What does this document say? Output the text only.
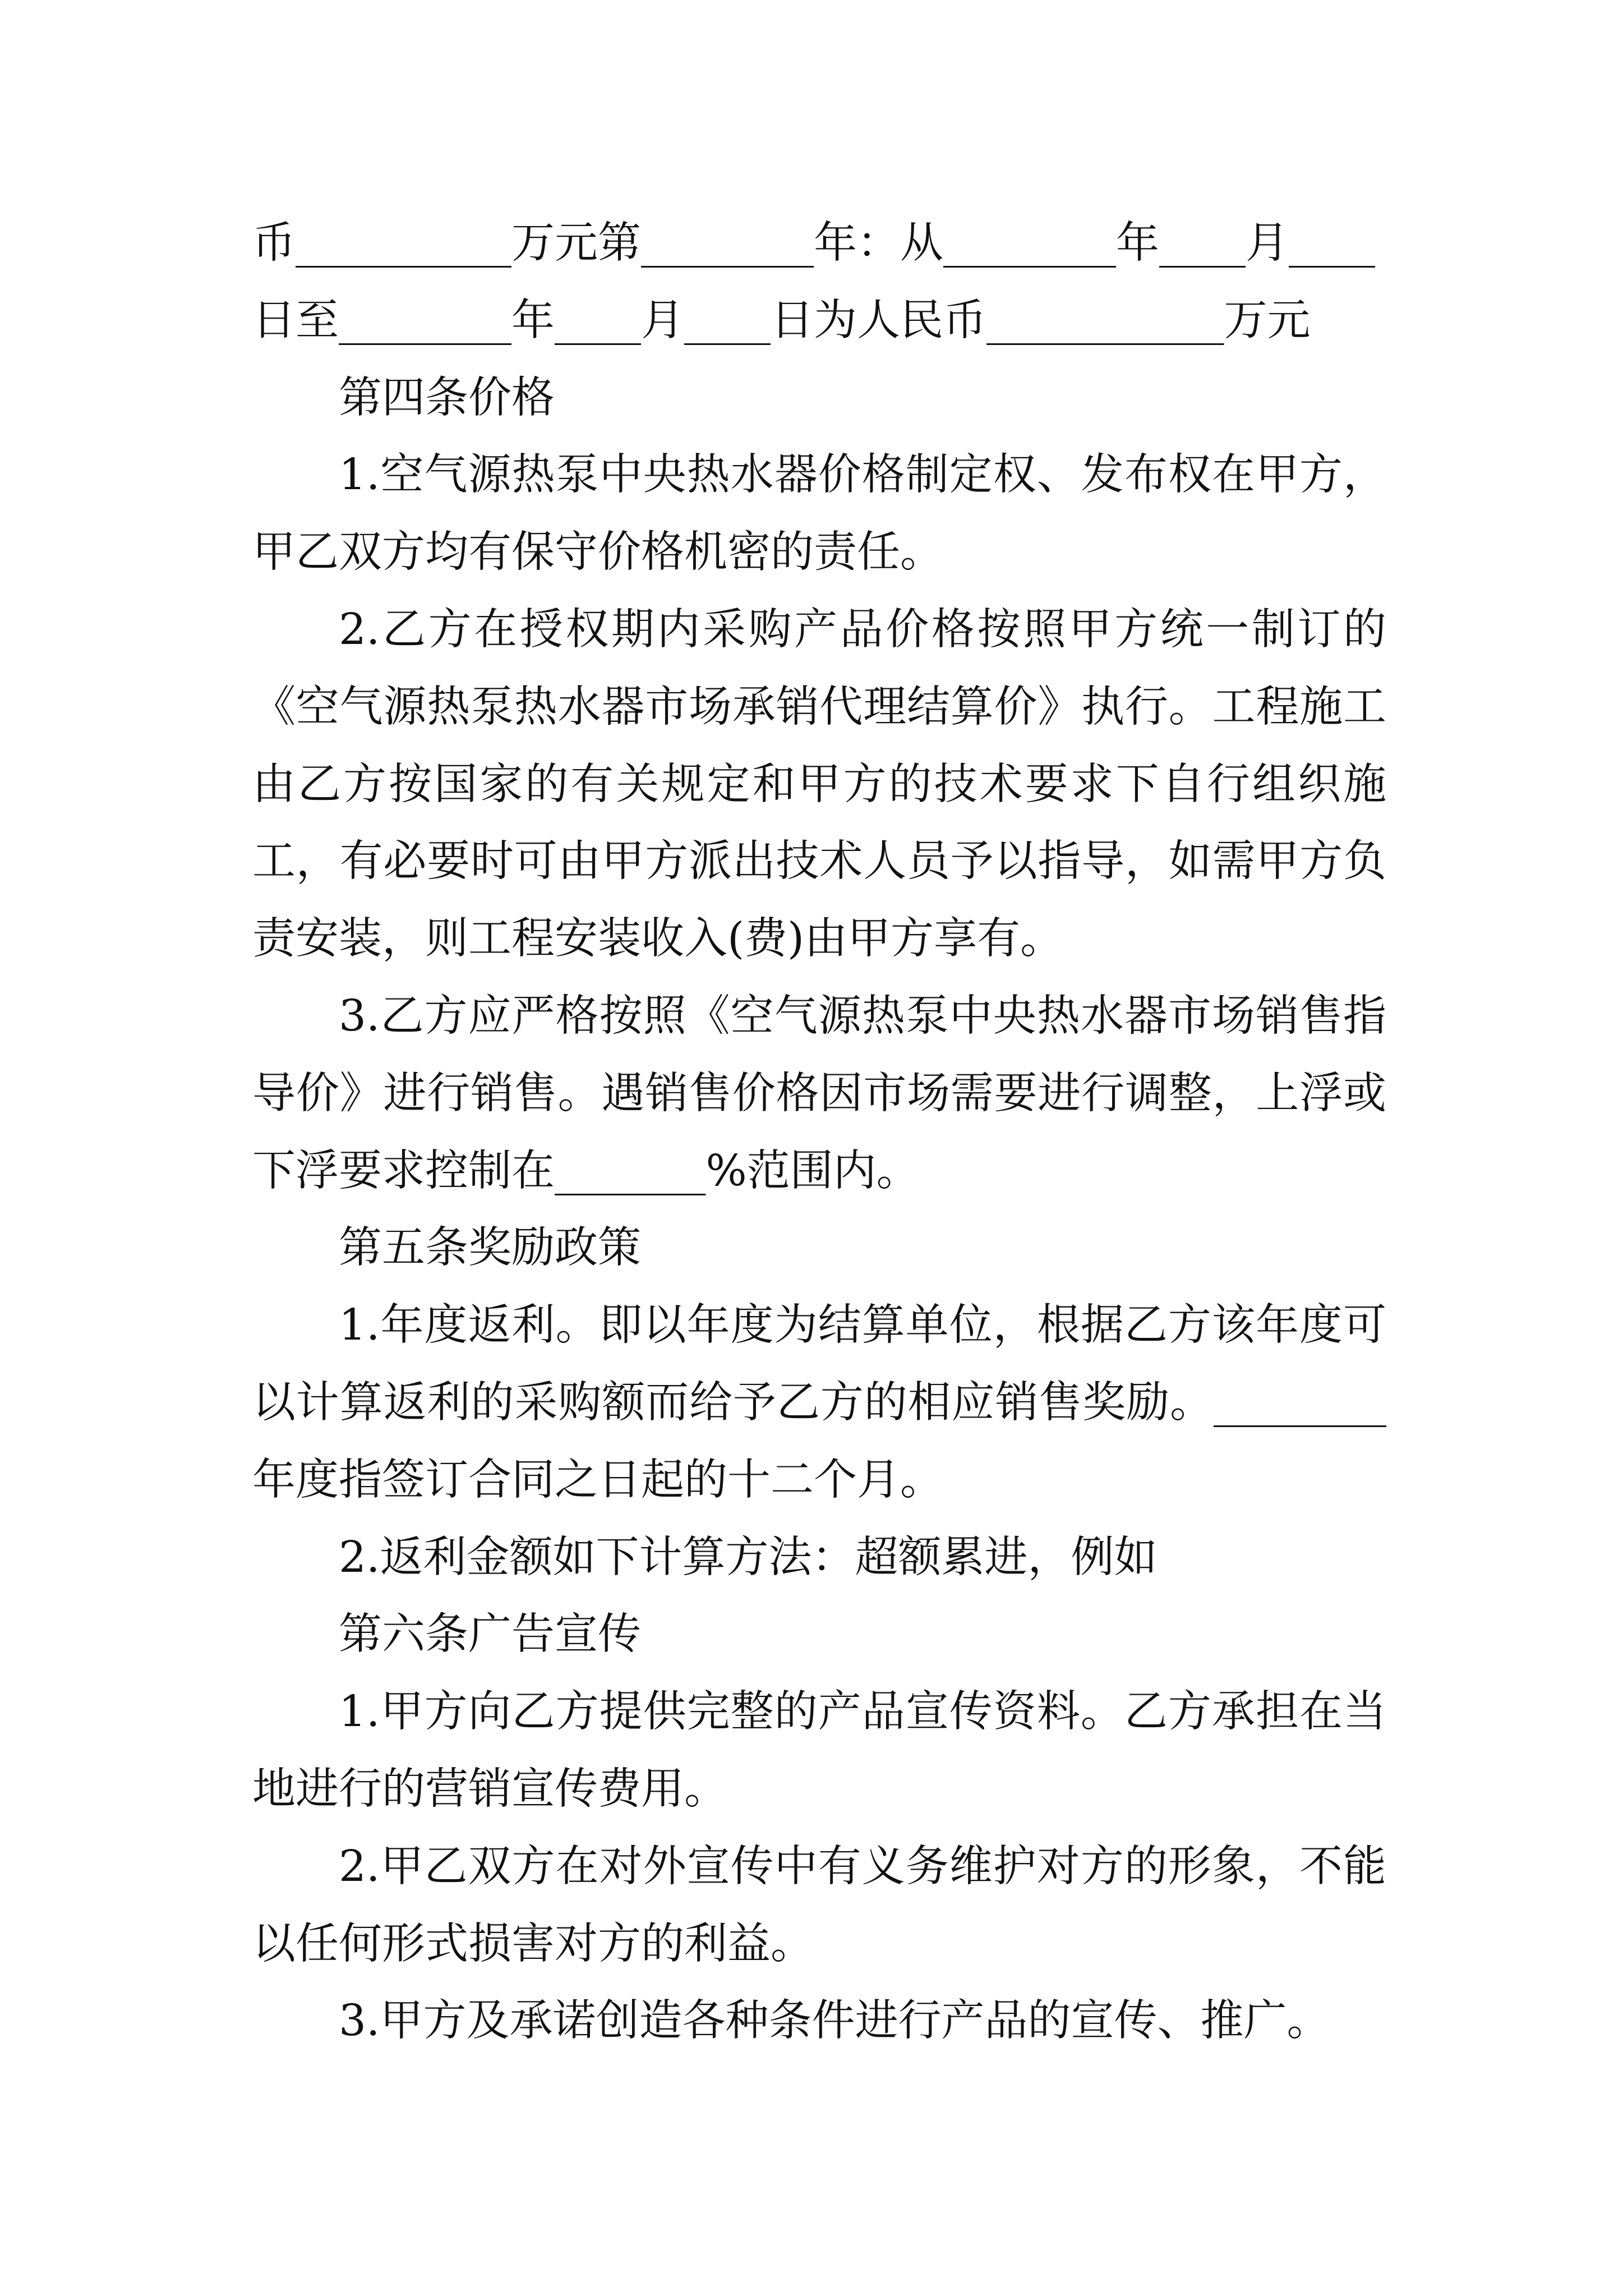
币__________万元第________年：从________年____月____
日至________年____月____日为人民币___________万元
第四条价格
1.空气源热泵中央热水器价格制定权、发布权在甲方，
甲乙双方均有保守价格机密的责任。
2.乙方在授权期内采购产品价格按照甲方统一制订的
《空气源热泵热水器市场承销代理结算价》执行。工程施工
由乙方按国家的有关规定和甲方的技术要求下自行组织施
工，有必要时可由甲方派出技术人员予以指导，如需甲方负
责安装，则工程安装收入(费)由甲方享有。
3.乙方应严格按照《空气源热泵中央热水器市场销售指
导价》进行销售。遇销售价格因市场需要进行调整，上浮或
下浮要求控制在_______%范围内。
第五条奖励政策
1.年度返利。即以年度为结算单位，根据乙方该年度可
以计算返利的采购额而给予乙方的相应销售奖励。________
年度指签订合同之日起的十二个月。
2.返利金额如下计算方法：超额累进，例如
第六条广告宣传
1.甲方向乙方提供完整的产品宣传资料。乙方承担在当
地进行的营销宣传费用。
2.甲乙双方在对外宣传中有义务维护对方的形象，不能
以任何形式损害对方的利益。
3.甲方及承诺创造各种条件进行产品的宣传、推广。
